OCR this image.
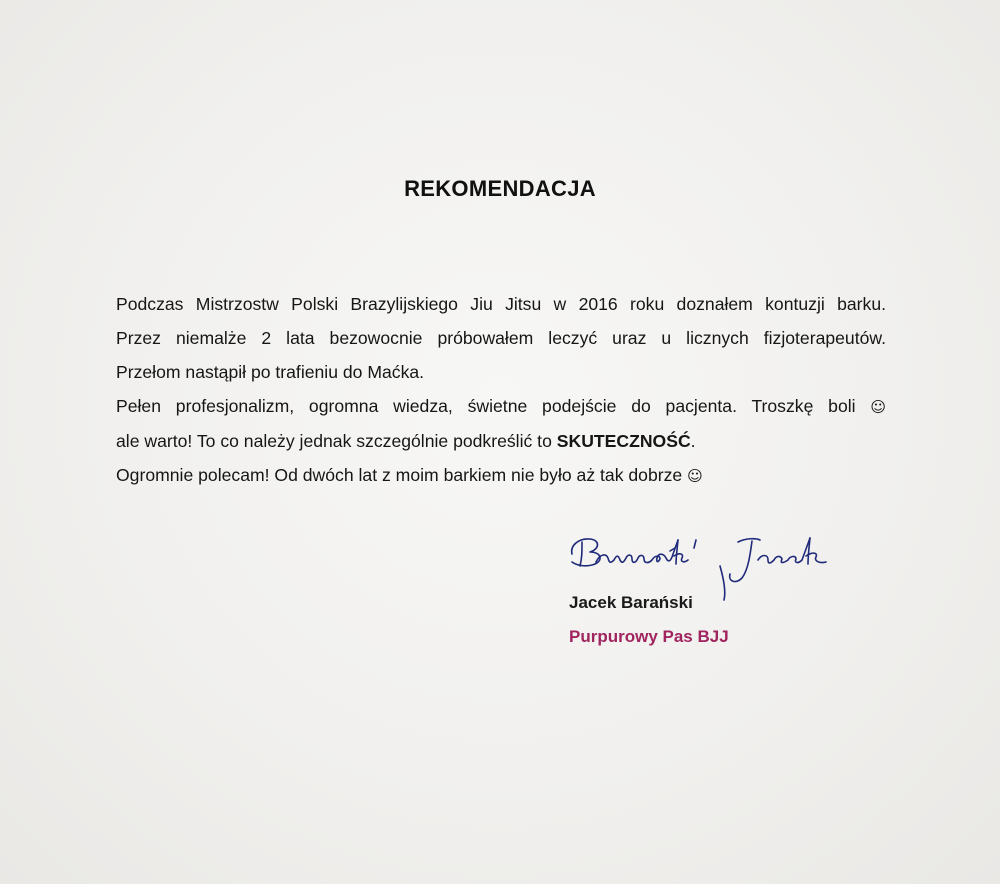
REKOMENDACJA

Podczas Mistrzostw Polski Brazylijskiego Jiu Jitsu w 2016 roku doznałem kontuzji barku.

Przez niemalże 2 lata bezowocnie próbowałem leczyć uraz u licznych fizjoterapeutów.

Przełom nastąpił po trafieniu do Maćka.

Pełen profesjonalizm, ogromna wiedza, świetne podejście do pacjenta. Troszkę boli ☺

ale warto! To co należy jednak szczególnie podkreślić to SKUTECZNOŚĆ.

Ogromnie polecam! Od dwóch lat z moim barkiem nie było aż tak dobrze ☺

Jacek Barański
Purpurowy Pas BJJ
